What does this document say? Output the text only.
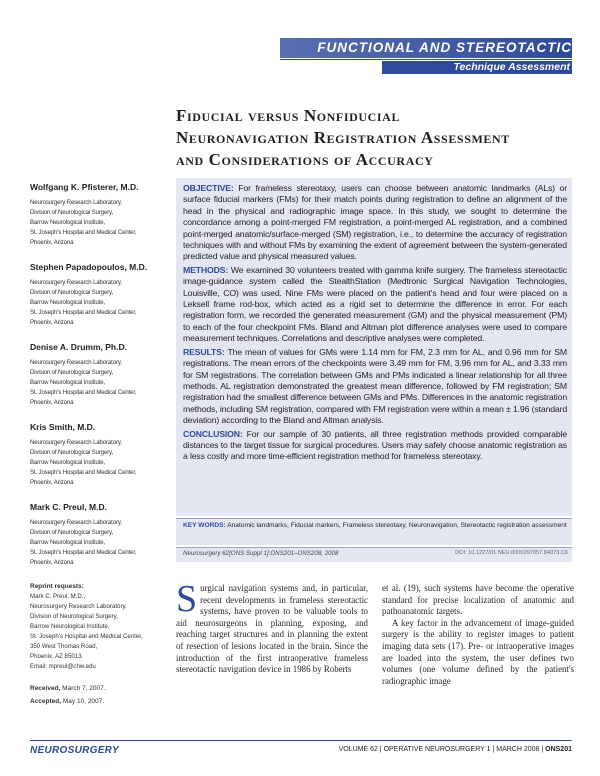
FUNCTIONAL AND STEREOTACTIC
Technique Assessment
Fiducial versus Nonfiducial
Neuronavigation Registration Assessment
and Considerations of Accuracy
Wolfgang K. Pfisterer, M.D.
Neurosurgery Research Laboratory,
Division of Neurological Surgery,
Barrow Neurological Institute,
St. Joseph's Hospital and Medical Center,
Phoenix, Arizona
Stephen Papadopoulos, M.D.
Neurosurgery Research Laboratory,
Division of Neurological Surgery,
Barrow Neurological Institute,
St. Joseph's Hospital and Medical Center,
Phoenix, Arizona
Denise A. Drumm, Ph.D.
Neurosurgery Research Laboratory,
Division of Neurological Surgery,
Barrow Neurological Institute,
St. Joseph's Hospital and Medical Center,
Phoenix, Arizona
Kris Smith, M.D.
Neurosurgery Research Laboratory,
Division of Neurological Surgery,
Barrow Neurological Institute,
St. Joseph's Hospital and Medical Center,
Phoenix, Arizona
Mark C. Preul, M.D.
Neurosurgery Research Laboratory,
Division of Neurological Surgery,
Barrow Neurological Institute,
St. Joseph's Hospital and Medical Center,
Phoenix, Arizona
Reprint requests:
Mark C. Preul, M.D.,
Neurosurgery Research Laboratory,
Division of Neurological Surgery,
Barrow Neurological Institute,
St. Joseph's Hospital and Medical Center,
350 West Thomas Road,
Phoenix, AZ 85013.
Email: mpreul@chw.edu
Received, March 7, 2007.
Accepted, May 10, 2007.

OBJECTIVE: For frameless stereotaxy, users can choose between anatomic landmarks (ALs) or surface fiducial markers (FMs) for their match points during registration to define an alignment of the head in the physical and radiographic image space. In this study, we sought to determine the concordance among a point-merged FM registration, a point-merged AL registration, and a combined point-merged anatomic/surface-merged (SM) registration, i.e., to determine the accuracy of registration techniques with and without FMs by examining the extent of agreement between the system-generated predicted value and physical measured values.

METHODS: We examined 30 volunteers treated with gamma knife surgery. The frameless stereotactic image-guidance system called the StealthStation (Medtronic Surgical Navigation Technologies, Louisville, CO) was used. Nine FMs were placed on the patient's head and four were placed on a Leksell frame rod-box, which acted as a rigid set to determine the difference in error. For each registration form, we recorded the generated measurement (GM) and the physical measurement (PM) to each of the four checkpoint FMs. Bland and Altman plot difference analyses were used to compare measurement techniques. Correlations and descriptive analyses were completed.

RESULTS: The mean of values for GMs were 1.14 mm for FM, 2.3 mm for AL, and 0.96 mm for SM registrations. The mean errors of the checkpoints were 3.49 mm for FM, 3.96 mm for AL, and 3.33 mm for SM registrations. The correlation between GMs and PMs indicated a linear relationship for all three methods. AL registration demonstrated the greatest mean difference, followed by FM registration; SM registration had the smallest difference between GMs and PMs. Differences in the anatomic registration methods, including SM registration, compared with FM registration were within a mean ± 1.96 (standard deviation) according to the Bland and Altman analysis.

CONCLUSION: For our sample of 30 patients, all three registration methods provided comparable distances to the target tissue for surgical procedures. Users may safely choose anatomic registration as a less costly and more time-efficient registration method for frameless stereotaxy.

KEY WORDS: Anatomic landmarks, Fiducial markers, Frameless stereotaxy, Neuronavigation, Stereotactic registration assessment
Neurosurgery 62[ONS Suppl 1]:ONS201–ONS208, 2008	DOI: 10.1227/01.NEU.0000297057.84073.C6

Surgical navigation systems and, in particular, recent developments in frameless stereotactic systems, have proven to be valuable tools to aid neurosurgeons in planning, exposing, and reaching target structures and in planning the extent of resection of lesions located in the brain. Since the introduction of the first intraoperative frameless stereotactic navigation device in 1986 by Roberts

et al. (19), such systems have become the operative standard for precise localization of anatomic and pathoanatomic targets.

A key factor in the advancement of image-guided surgery is the ability to register images to patient imaging data sets (17). Pre- or intraoperative images are loaded into the system, the user defines two volumes (one volume defined by the patient's radiographic image

NEUROSURGERY	VOLUME 62 | OPERATIVE NEUROSURGERY 1 | MARCH 2008 | ONS201
